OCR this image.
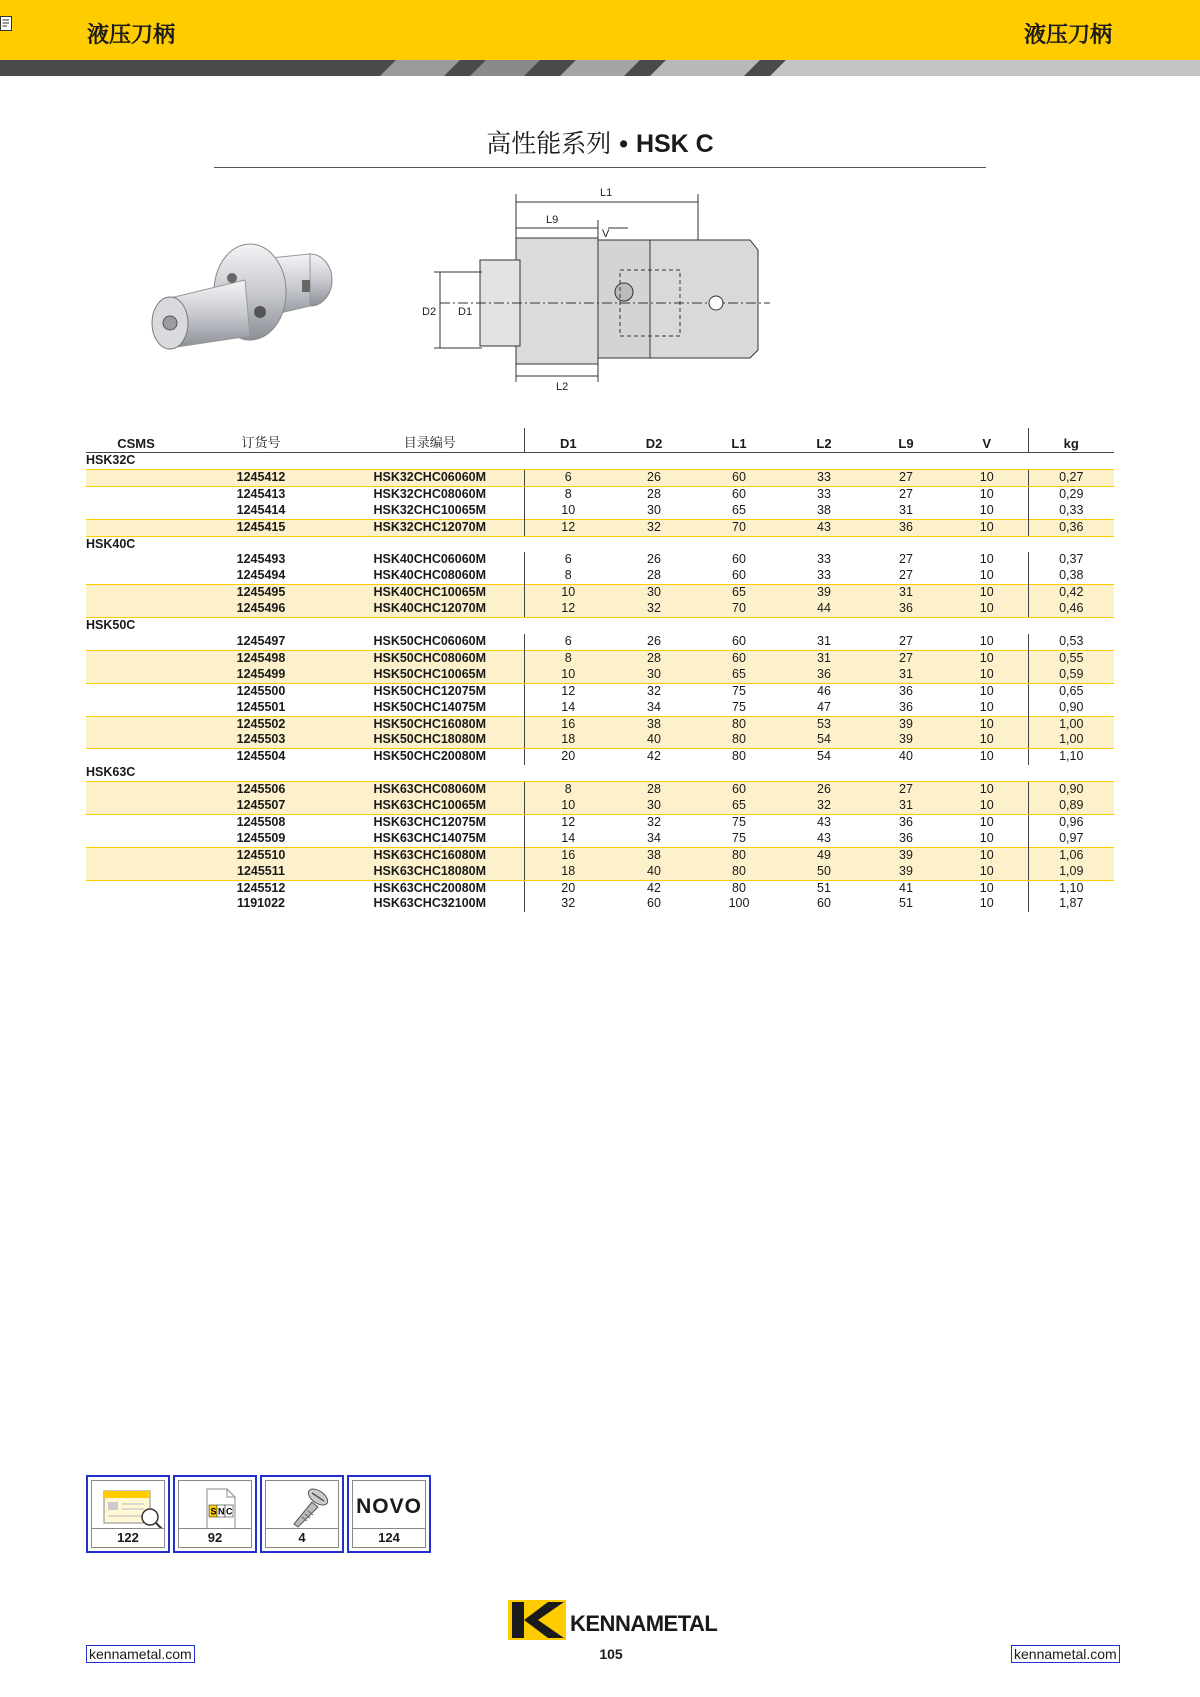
液压刀柄	液压刀柄
高性能系列 • HSK C
L1
L9
V
D2 D1
L2
CSMS	订货号	目录编号	D1	D2	L1	L2	L9	V	kg
HSK32C									
	1245412	HSK32CHC06060M	6	26	60	33	27	10	0,27
	1245413	HSK32CHC08060M	8	28	60	33	27	10	0,29
	1245414	HSK32CHC10065M	10	30	65	38	31	10	0,33
	1245415	HSK32CHC12070M	12	32	70	43	36	10	0,36
HSK40C									
	1245493	HSK40CHC06060M	6	26	60	33	27	10	0,37
	1245494	HSK40CHC08060M	8	28	60	33	27	10	0,38
	1245495	HSK40CHC10065M	10	30	65	39	31	10	0,42
	1245496	HSK40CHC12070M	12	32	70	44	36	10	0,46
HSK50C									
	1245497	HSK50CHC06060M	6	26	60	31	27	10	0,53
	1245498	HSK50CHC08060M	8	28	60	31	27	10	0,55
	1245499	HSK50CHC10065M	10	30	65	36	31	10	0,59
	1245500	HSK50CHC12075M	12	32	75	46	36	10	0,65
	1245501	HSK50CHC14075M	14	34	75	47	36	10	0,90
	1245502	HSK50CHC16080M	16	38	80	53	39	10	1,00
	1245503	HSK50CHC18080M	18	40	80	54	39	10	1,00
	1245504	HSK50CHC20080M	20	42	80	54	40	10	1,10
HSK63C									
	1245506	HSK63CHC08060M	8	28	60	26	27	10	0,90
	1245507	HSK63CHC10065M	10	30	65	32	31	10	0,89
	1245508	HSK63CHC12075M	12	32	75	43	36	10	0,96
	1245509	HSK63CHC14075M	14	34	75	43	36	10	0,97
	1245510	HSK63CHC16080M	16	38	80	49	39	10	1,06
	1245511	HSK63CHC18080M	18	40	80	50	39	10	1,09
	1245512	HSK63CHC20080M	20	42	80	51	41	10	1,10
	1191022	HSK63CHC32100M	32	60	100	60	51	10	1,87
122
S N C
92	4
NOVO
124
KENNAMETAL
kennametal.com	105	kennametal.com
